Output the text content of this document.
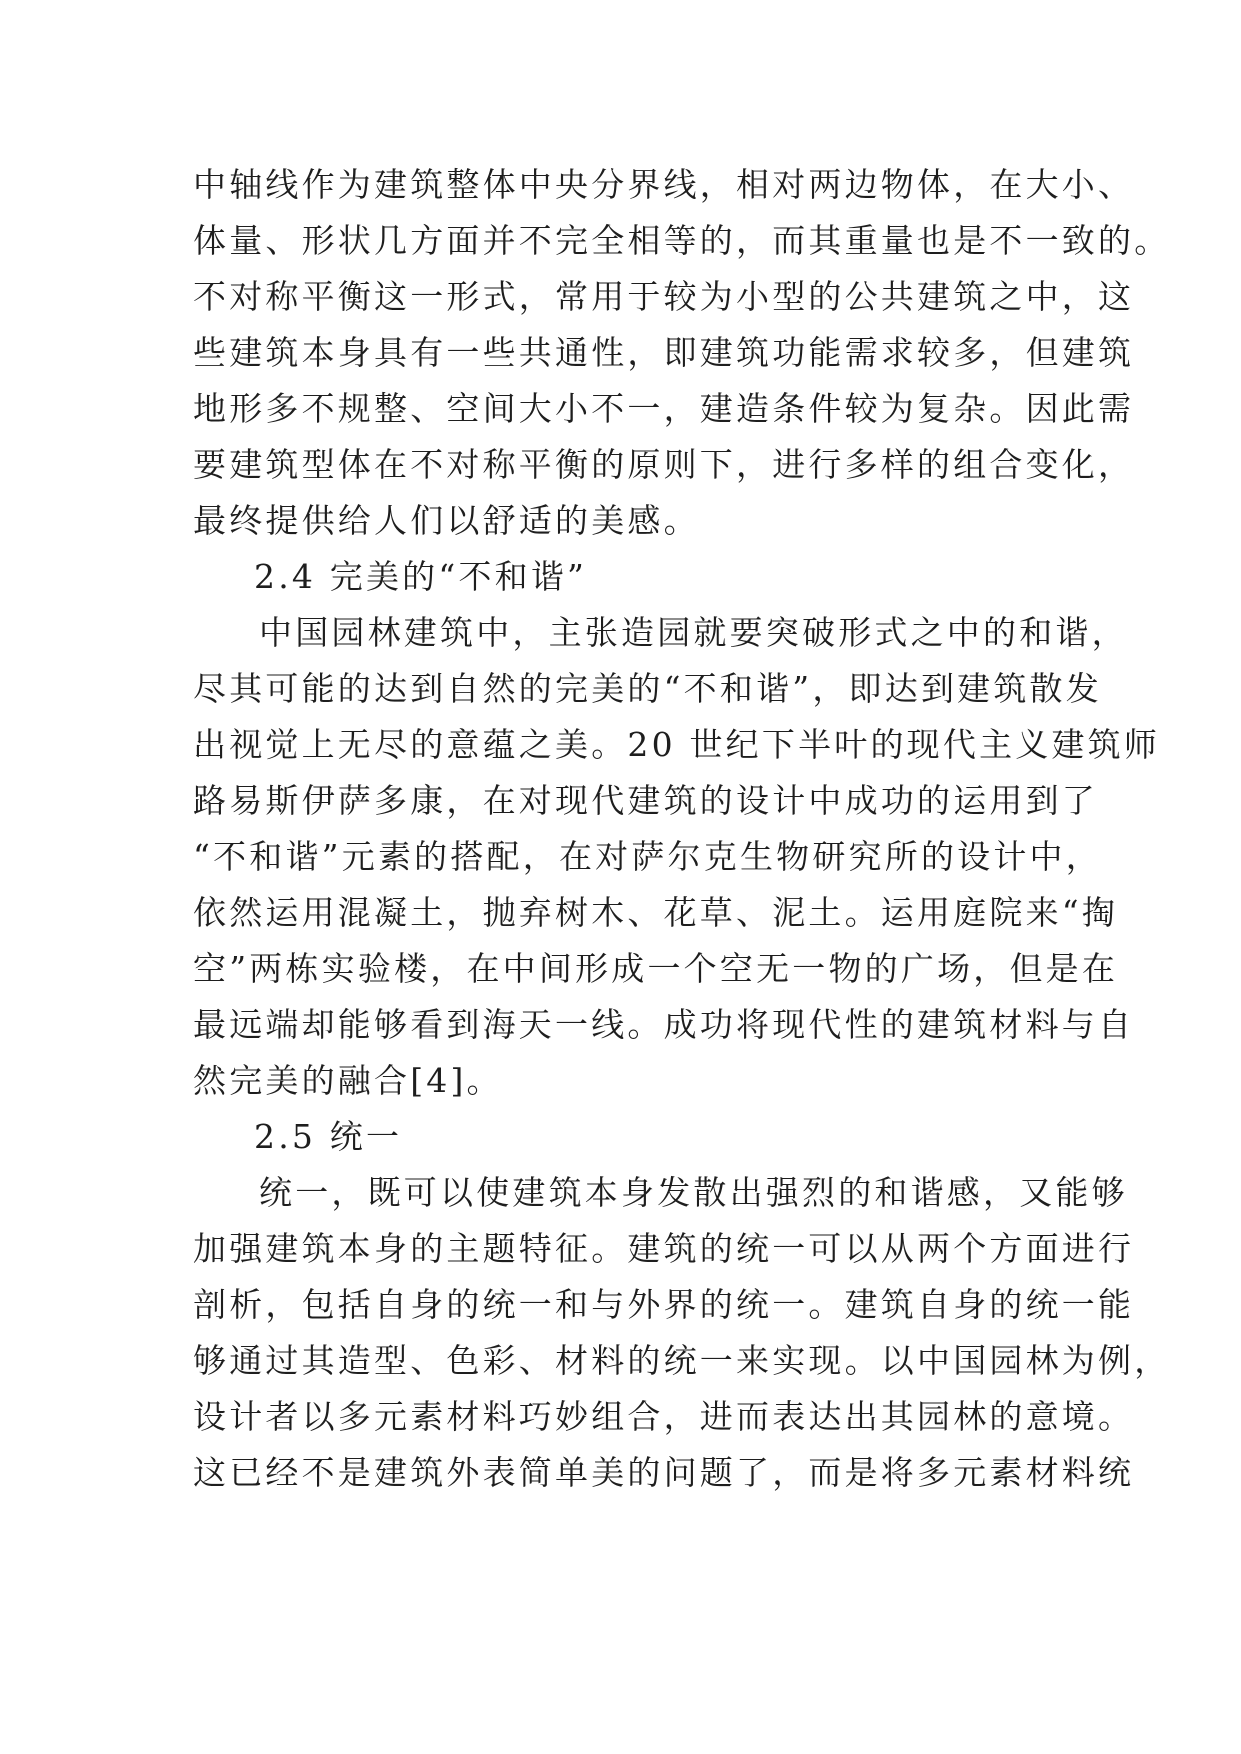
中轴线作为建筑整体中央分界线，相对两边物体，在大小、
体量、形状几方面并不完全相等的，而其重量也是不一致的。
不对称平衡这一形式，常用于较为小型的公共建筑之中，这
些建筑本身具有一些共通性，即建筑功能需求较多，但建筑
地形多不规整、空间大小不一，建造条件较为复杂。因此需
要建筑型体在不对称平衡的原则下，进行多样的组合变化，
最终提供给人们以舒适的美感。
2.4 完美的“不和谐”
中国园林建筑中，主张造园就要突破形式之中的和谐，
尽其可能的达到自然的完美的“不和谐”，即达到建筑散发
出视觉上无尽的意蕴之美。20 世纪下半叶的现代主义建筑师
路易斯伊萨多康，在对现代建筑的设计中成功的运用到了
“不和谐”元素的搭配，在对萨尔克生物研究所的设计中，
依然运用混凝土，抛弃树木、花草、泥土。运用庭院来“掏
空”两栋实验楼，在中间形成一个空无一物的广场，但是在
最远端却能够看到海天一线。成功将现代性的建筑材料与自
然完美的融合[4]。
2.5 统一
统一，既可以使建筑本身发散出强烈的和谐感，又能够
加强建筑本身的主题特征。建筑的统一可以从两个方面进行
剖析，包括自身的统一和与外界的统一。建筑自身的统一能
够通过其造型、色彩、材料的统一来实现。以中国园林为例，
设计者以多元素材料巧妙组合，进而表达出其园林的意境。
这已经不是建筑外表简单美的问题了，而是将多元素材料统
